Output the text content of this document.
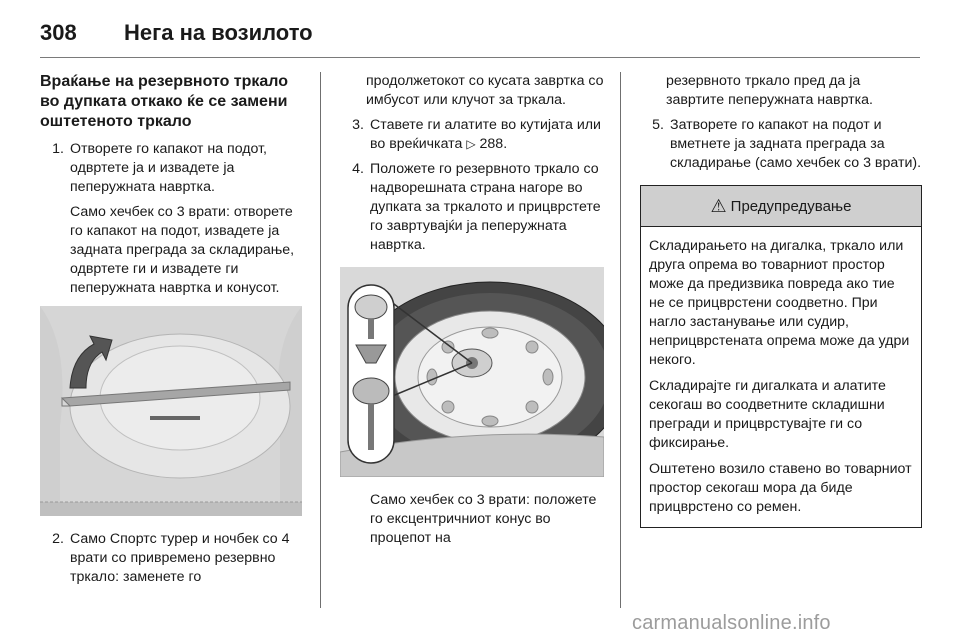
308 Нега на возилото
Враќање на резервното тркало во дупката откако ќе се замени оштетеното тркало
1. Отворете го капакот на подот, одвртете ја и извадете ја пеперужната навртка.
Само хечбек со 3 врати: отворете го капакот на подот, извадете ја задната преграда за складирање, одвртете ги и извадете ги пеперужната навртка и конусот.
2. Само Спортс турер и ночбек со 4 врати со привремено резервно тркало: заменете го
продолжетокот со кусата завртка со имбусот или клучот за тркала.
3. Ставете ги алатите во кутијата или во вреќичката ▷ 288.
4. Положете го резервното тркало со надворешната страна нагоре во дупката за тркалото и прицврстете го завртувајќи ја пеперужната навртка.
Само хечбек со 3 врати: положете го ексцентричниот конус во процепот на
резервното тркало пред да ја завртите пеперужната навртка.
5. Затворете го капакот на подот и вметнете ја задната преграда за складирање (само хечбек со 3 врати).
⚠ Предупредување
Складирањето на дигалка, тркало или друга опрема во товарниот простор може да предизвика повреда ако тие не се прицврстени соодветно. При нагло застанување или судир, неприцврстената опрема може да удри некого.
Складирајте ги дигалката и алатите секогаш во соодветните складишни прегради и прицврстувајте ги со фиксирање.
Оштетено возило ставено во товарниот простор секогаш мора да биде прицврстено со ремен.
carmanualsonline.info
